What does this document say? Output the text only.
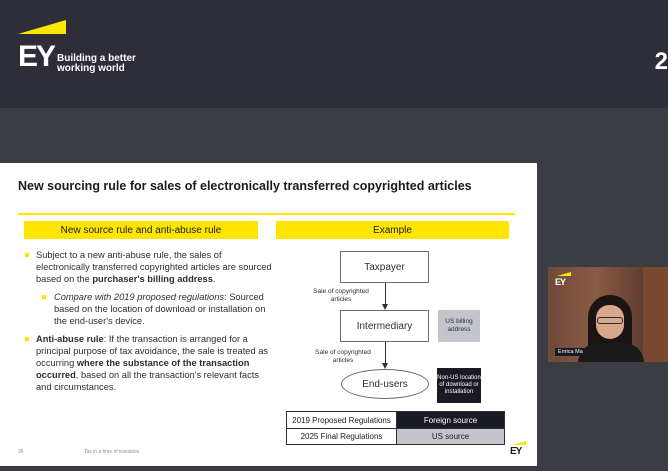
EY Building a better
working world	2
New sourcing rule for sales of electronically transferred copyrighted articles
New source rule and anti-abuse rule	Example
Subject to a new anti-abuse rule, the sales of electronically transferred copyrighted articles are sourced based on the purchaser's billing address.
Compare with 2019 proposed regulations: Sourced based on the location of download or installation on the end-user's device.
Anti-abuse rule: If the transaction is arranged for a principal purpose of tax avoidance, the sale is treated as occurring where the substance of the transaction occurred, based on all the transaction's relevant facts and circumstances.
Taxpayer
Sale of copyrighted articles
Intermediary	US billing address
Sale of copyrighted articles
End-users
Non-US location of download or installation
2019 Proposed Regulations	Foreign source
2025 Final Regulations	US source
26	Tax in a time of transition	EY
EY
Enrica Ma
